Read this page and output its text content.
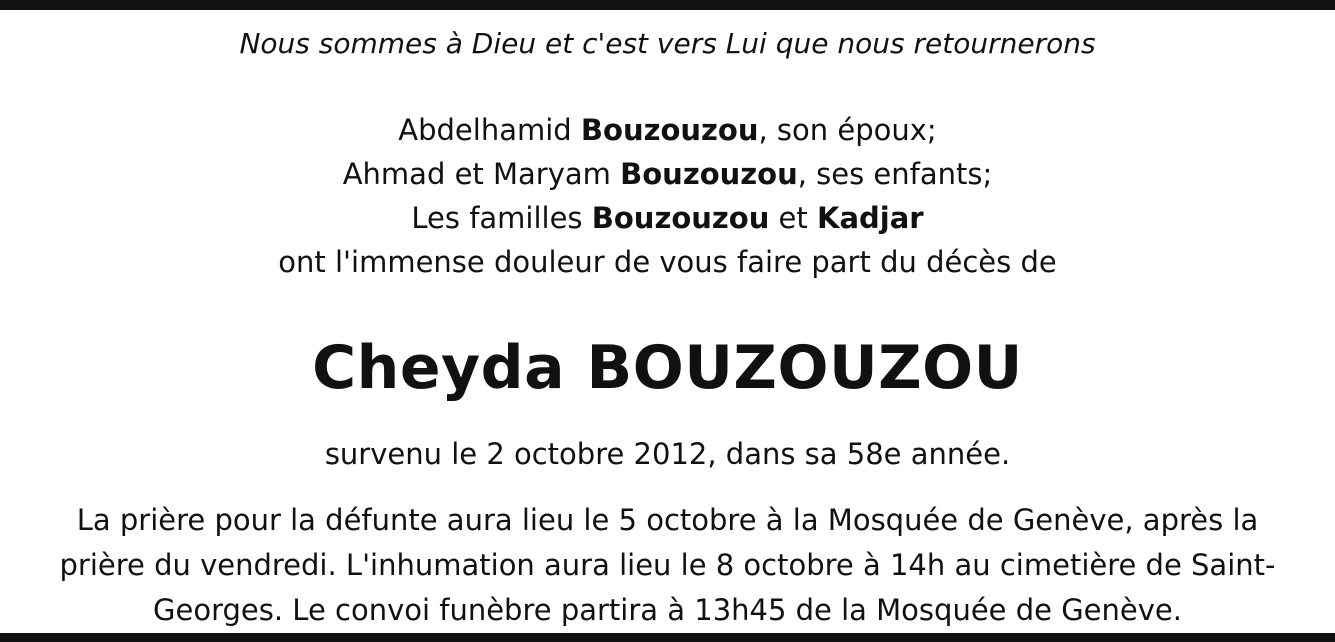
Nous sommes à Dieu et c'est vers Lui que nous retournerons
Abdelhamid Bouzouzou, son époux;
Ahmad et Maryam Bouzouzou, ses enfants;
Les familles Bouzouzou et Kadjar
ont l'immense douleur de vous faire part du décès de
Cheyda BOUZOUZOU
survenu le 2 octobre 2012, dans sa 58e année.
La prière pour la défunte aura lieu le 5 octobre à la Mosquée de Genève, après la
prière du vendredi. L'inhumation aura lieu le 8 octobre à 14h au cimetière de Saint-
Georges. Le convoi funèbre partira à 13h45 de la Mosquée de Genève.
